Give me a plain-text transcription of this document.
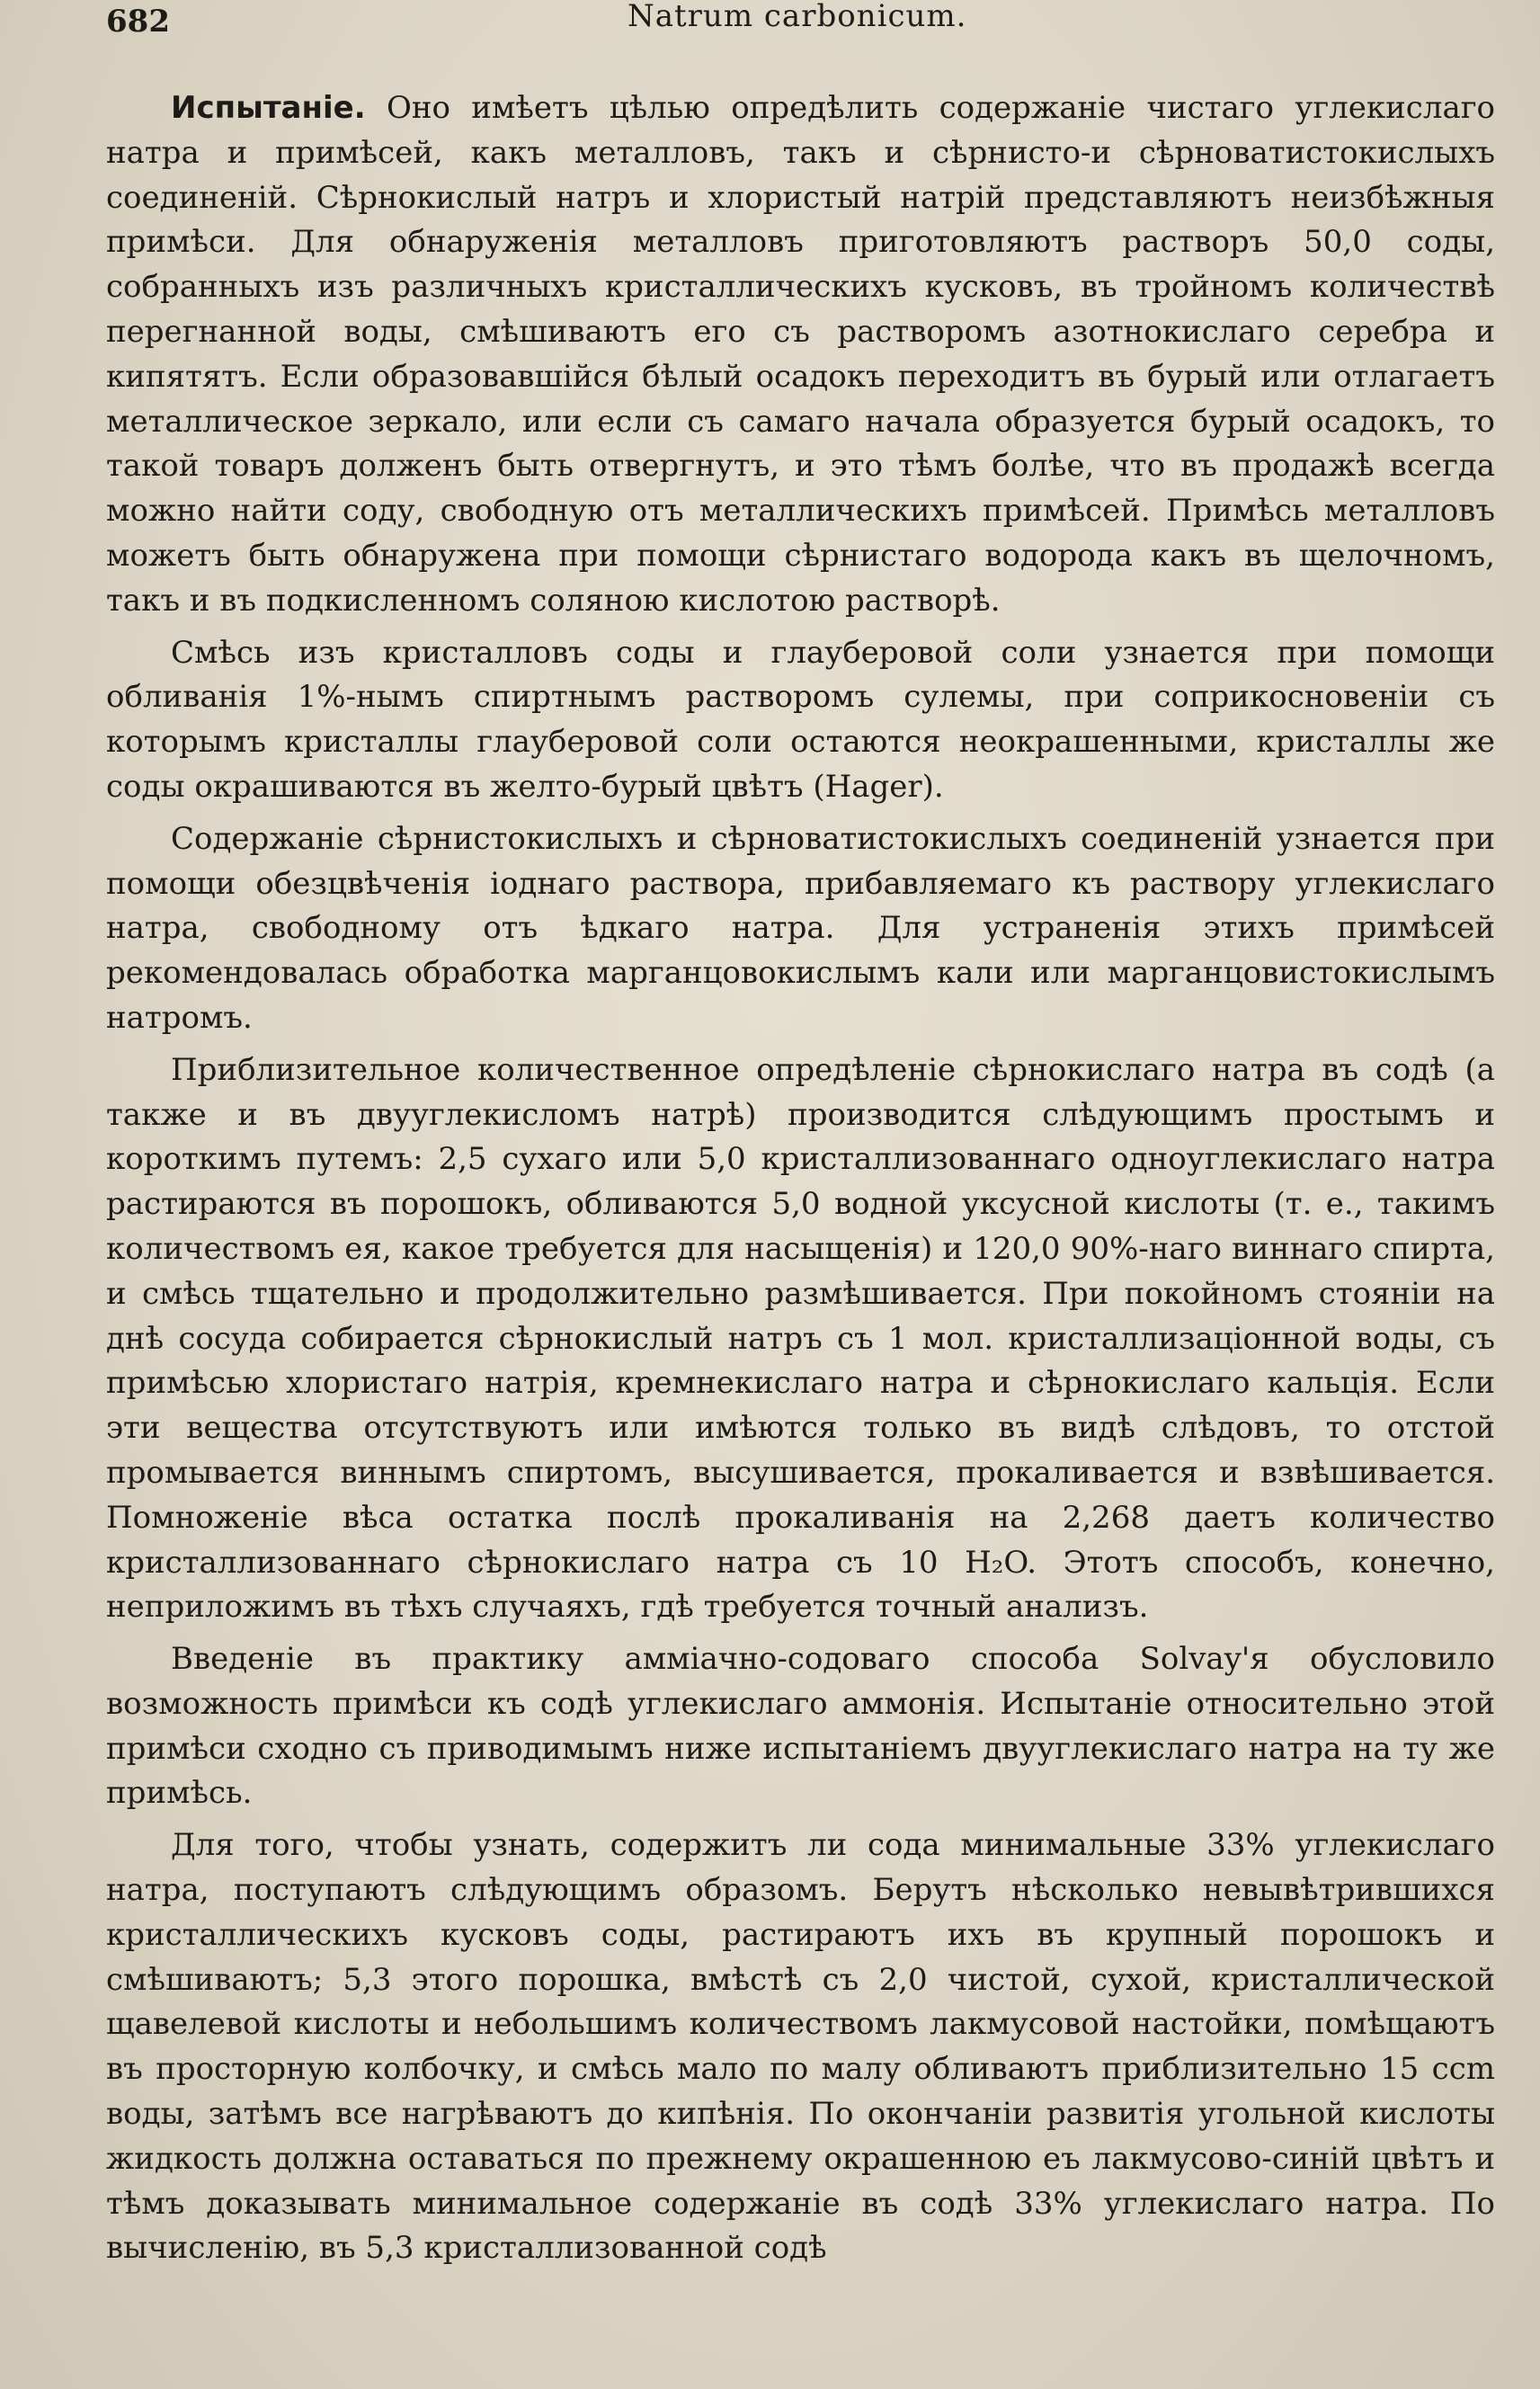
682	Natrum carbonicum.

Испытаніе. Оно имѣетъ цѣлью опредѣлить содержаніе чистаго углекислаго натра и примѣсей, какъ металловъ, такъ и сѣрнисто-и сѣрноватистокислыхъ соединеній. Сѣрнокислый натръ и хлористый натрій представляютъ неизбѣжныя примѣси. Для обнаруженія металловъ приготовляютъ растворъ 50,0 соды, собранныхъ изъ различныхъ кристаллическихъ кусковъ, въ тройномъ количествѣ перегнанной воды, смѣшиваютъ его съ растворомъ азотнокислаго серебра и кипятятъ. Если образовавшійся бѣлый осадокъ переходитъ въ бурый или отлагаетъ металлическое зеркало, или если съ самаго начала образуется бурый осадокъ, то такой товаръ долженъ быть отвергнутъ, и это тѣмъ болѣе, что въ продажѣ всегда можно найти соду, свободную отъ металлическихъ примѣсей. Примѣсь металловъ можетъ быть обнаружена при помощи сѣрнистаго водорода какъ въ щелочномъ, такъ и въ подкисленномъ соляною кислотою растворѣ.

Смѣсь изъ кристалловъ соды и глауберовой соли узнается при помощи обливанія 1%-нымъ спиртнымъ растворомъ сулемы, при соприкосновеніи съ которымъ кристаллы глауберовой соли остаются неокрашенными, кристаллы же соды окрашиваются въ желто-бурый цвѣтъ (Hager).

Содержаніе сѣрнистокислыхъ и сѣрноватистокислыхъ соединеній узнается при помощи обезцвѣченія іоднаго раствора, прибавляемаго къ раствору углекислаго натра, свободному отъ ѣдкаго натра. Для устраненія этихъ примѣсей рекомендовалась обработка марганцовокислымъ кали или марганцовистокислымъ натромъ.

Приблизительное количественное опредѣленіе сѣрнокислаго натра въ содѣ (а также и въ двууглекисломъ натрѣ) производится слѣдующимъ простымъ и короткимъ путемъ: 2,5 сухаго или 5,0 кристаллизованнаго одноуглекислаго натра растираются въ порошокъ, обливаются 5,0 водной уксусной кислоты (т. е., такимъ количествомъ ея, какое требуется для насыщенія) и 120,0 90%-наго виннаго спирта, и смѣсь тщательно и продолжительно размѣшивается. При покойномъ стояніи на днѣ сосуда собирается сѣрнокислый натръ съ 1 мол. кристаллизаціонной воды, съ примѣсью хлористаго натрія, кремнекислаго натра и сѣрнокислаго кальція. Если эти вещества отсутствуютъ или имѣются только въ видѣ слѣдовъ, то отстой промывается виннымъ спиртомъ, высушивается, прокаливается и взвѣшивается. Помноженіе вѣса остатка послѣ прокаливанія на 2,268 даетъ количество кристаллизованнаго сѣрнокислаго натра съ 10 H₂O. Этотъ способъ, конечно, неприложимъ въ тѣхъ случаяхъ, гдѣ требуется точный анализъ.

Введеніе въ практику амміачно-содоваго способа Solvay'я обусловило возможность примѣси къ содѣ углекислаго аммонія. Испытаніе относительно этой примѣси сходно съ приводимымъ ниже испытаніемъ двууглекислаго натра на ту же примѣсь.

Для того, чтобы узнать, содержитъ ли сода минимальные 33% углекислаго натра, поступаютъ слѣдующимъ образомъ. Берутъ нѣсколько невывѣтрившихся кристаллическихъ кусковъ соды, растираютъ ихъ въ крупный порошокъ и смѣшиваютъ; 5,3 этого порошка, вмѣстѣ съ 2,0 чистой, сухой, кристаллической щавелевой кислоты и небольшимъ количествомъ лакмусовой настойки, помѣщаютъ въ просторную колбочку, и смѣсь мало по малу обливаютъ приблизительно 15 ccm воды, затѣмъ все нагрѣваютъ до кипѣнія. По окончаніи развитія угольной кислоты жидкость должна оставаться по прежнему окрашенною еъ лакмусово-синій цвѣтъ и тѣмъ доказывать минимальное содержаніе въ содѣ 33% углекислаго натра. По вычисленію, въ 5,3 кристаллизованной содѣ
